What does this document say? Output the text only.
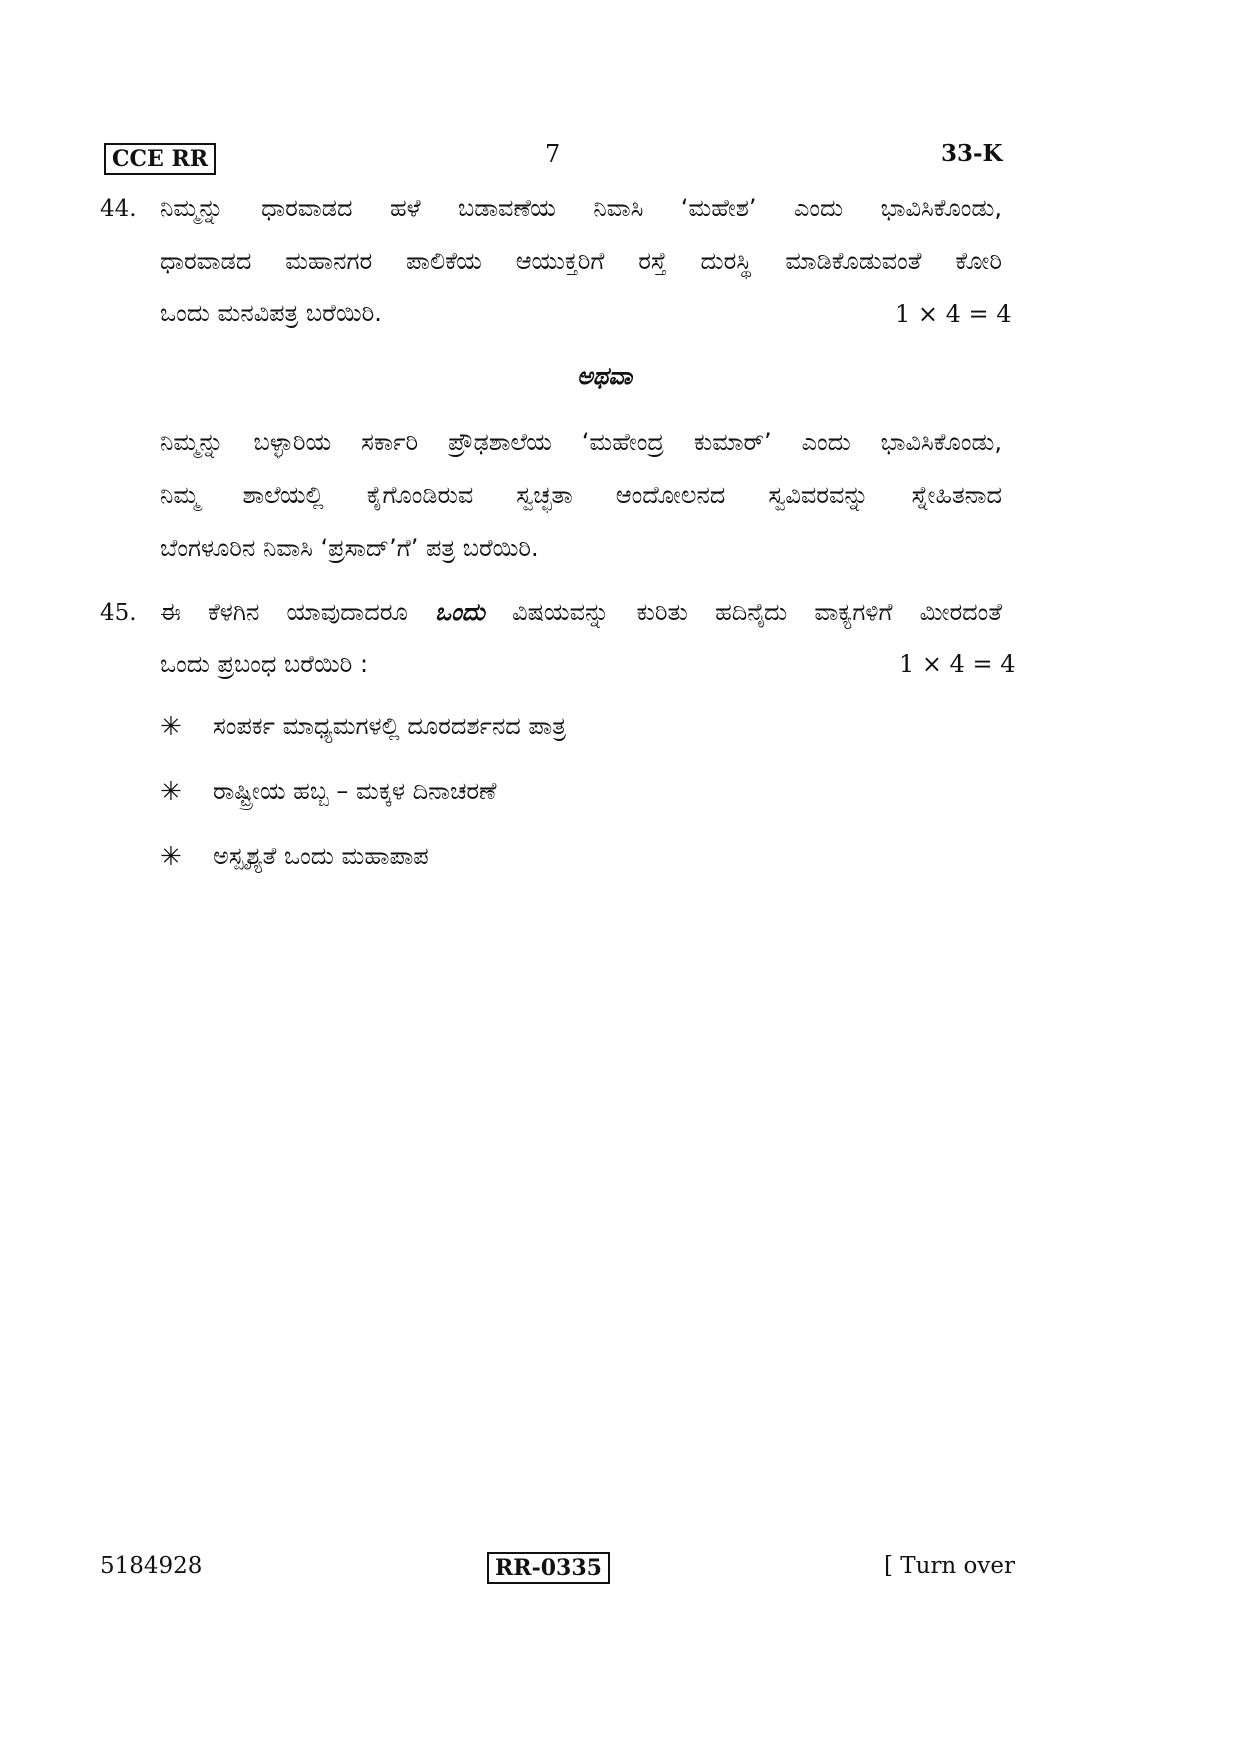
CCE RR	7	33-K
44. ನಿಮ್ಮನ್ನು ಧಾರವಾಡದ ಹಳೆ ಬಡಾವಣೆಯ ನಿವಾಸಿ ‘ಮಹೇಶ’ ಎಂದು ಭಾವಿಸಿಕೊಂಡು,
ಧಾರವಾಡದ ಮಹಾನಗರ ಪಾಲಿಕೆಯ ಆಯುಕ್ತರಿಗೆ ರಸ್ತೆ ದುರಸ್ಥಿ ಮಾಡಿಕೊಡುವಂತೆ ಕೋರಿ
ಒಂದು ಮನವಿಪತ್ರ ಬರೆಯಿರಿ.	1 × 4 = 4
ಅಥವಾ
ನಿಮ್ಮನ್ನು ಬಳ್ಳಾರಿಯ ಸರ್ಕಾರಿ ಪ್ರೌಢಶಾಲೆಯ ‘ಮಹೇಂದ್ರ ಕುಮಾರ್’ ಎಂದು ಭಾವಿಸಿಕೊಂಡು,
ನಿಮ್ಮ ಶಾಲೆಯಲ್ಲಿ ಕೈಗೊಂಡಿರುವ ಸ್ವಚ್ಛತಾ ಆಂದೋಲನದ ಸ್ವವಿವರವನ್ನು ಸ್ನೇಹಿತನಾದ
ಬೆಂಗಳೂರಿನ ನಿವಾಸಿ ‘ಪ್ರಸಾದ್’ಗೆ’ ಪತ್ರ ಬರೆಯಿರಿ.
45. ಈ ಕೆಳಗಿನ ಯಾವುದಾದರೂ ಒಂದು ವಿಷಯವನ್ನು ಕುರಿತು ಹದಿನೈದು ವಾಕ್ಯಗಳಿಗೆ ಮೀರದಂತೆ
ಒಂದು ಪ್ರಬಂಧ ಬರೆಯಿರಿ :	1 × 4 = 4
✳ ಸಂಪರ್ಕ ಮಾಧ್ಯಮಗಳಲ್ಲಿ ದೂರದರ್ಶನದ ಪಾತ್ರ
✳ ರಾಷ್ಟ್ರೀಯ ಹಬ್ಬ – ಮಕ್ಕಳ ದಿನಾಚರಣೆ
✳ ಅಸ್ಪೃಶ್ಯತೆ ಒಂದು ಮಹಾಪಾಪ
5184928	RR-0335	[ Turn over
